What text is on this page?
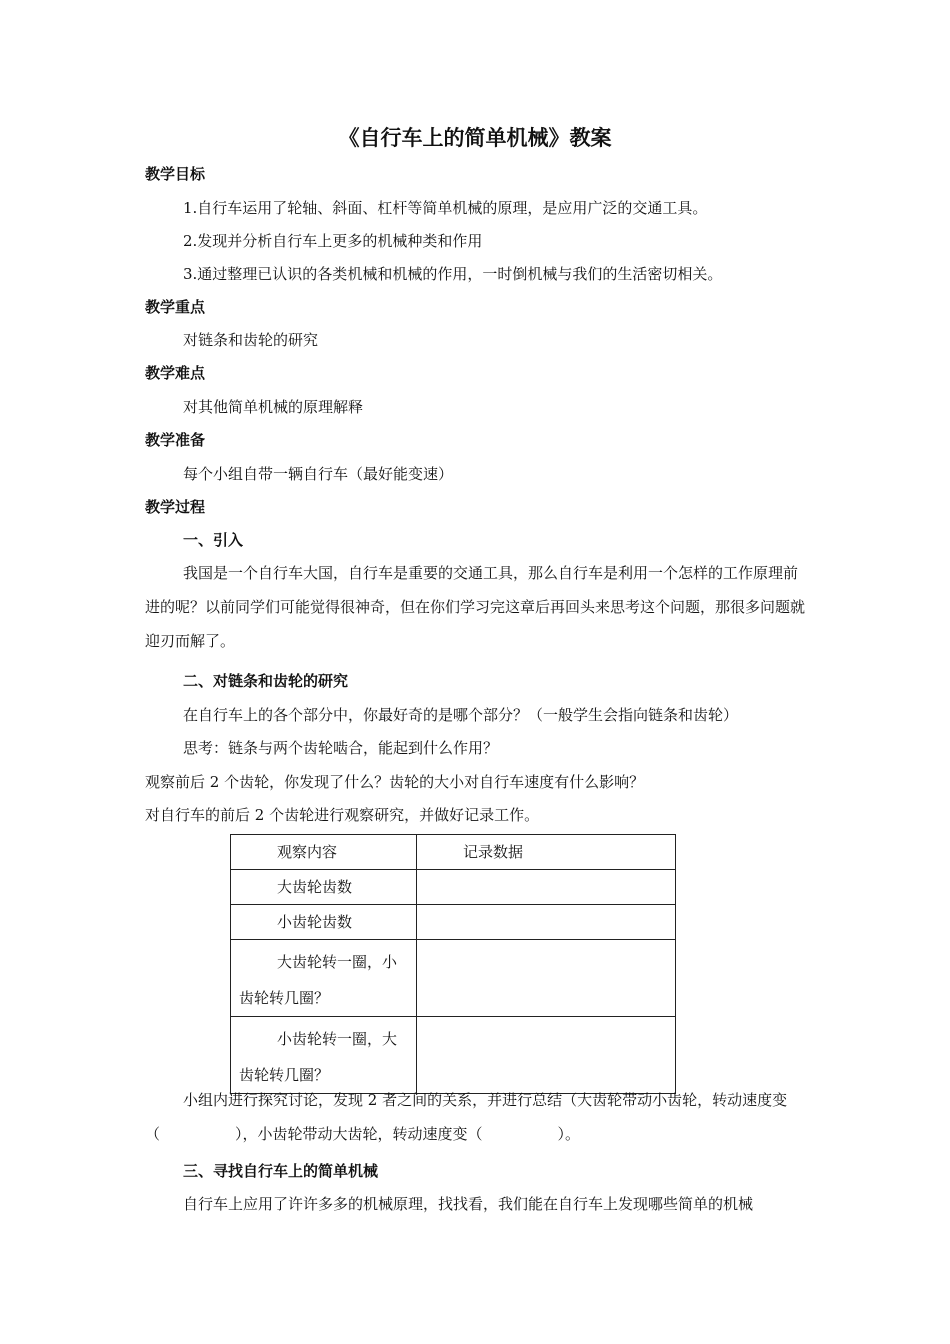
《自行车上的简单机械》教案
教学目标
1.自行车运用了轮轴、斜面、杠杆等简单机械的原理，是应用广泛的交通工具。
2.发现并分析自行车上更多的机械种类和作用
3.通过整理已认识的各类机械和机械的作用，一时倒机械与我们的生活密切相关。
教学重点
对链条和齿轮的研究
教学难点
对其他简单机械的原理解释
教学准备
每个小组自带一辆自行车（最好能变速）
教学过程
一、引入
我国是一个自行车大国，自行车是重要的交通工具，那么自行车是利用一个怎样的工作原理前进的呢？以前同学们可能觉得很神奇，但在你们学习完这章后再回头来思考这个问题，那很多问题就迎刃而解了。
二、对链条和齿轮的研究
在自行车上的各个部分中，你最好奇的是哪个部分？（一般学生会指向链条和齿轮）
思考：链条与两个齿轮啮合，能起到什么作用？
观察前后 2 个齿轮，你发现了什么？齿轮的大小对自行车速度有什么影响？
对自行车的前后 2 个齿轮进行观察研究，并做好记录工作。
观察内容	记录数据

大齿轮齿数	

小齿轮齿数	

大齿轮转一圈，小齿轮转几圈？	

小齿轮转一圈，大齿轮转几圈？	

小组内进行探究讨论，发现 2 者之间的关系，并进行总结（大齿轮带动小齿轮，转动速度变（　　　　　），小齿轮带动大齿轮，转动速度变（　　　　　）。
三、寻找自行车上的简单机械
自行车上应用了许许多多的机械原理，找找看，我们能在自行车上发现哪些简单的机械
